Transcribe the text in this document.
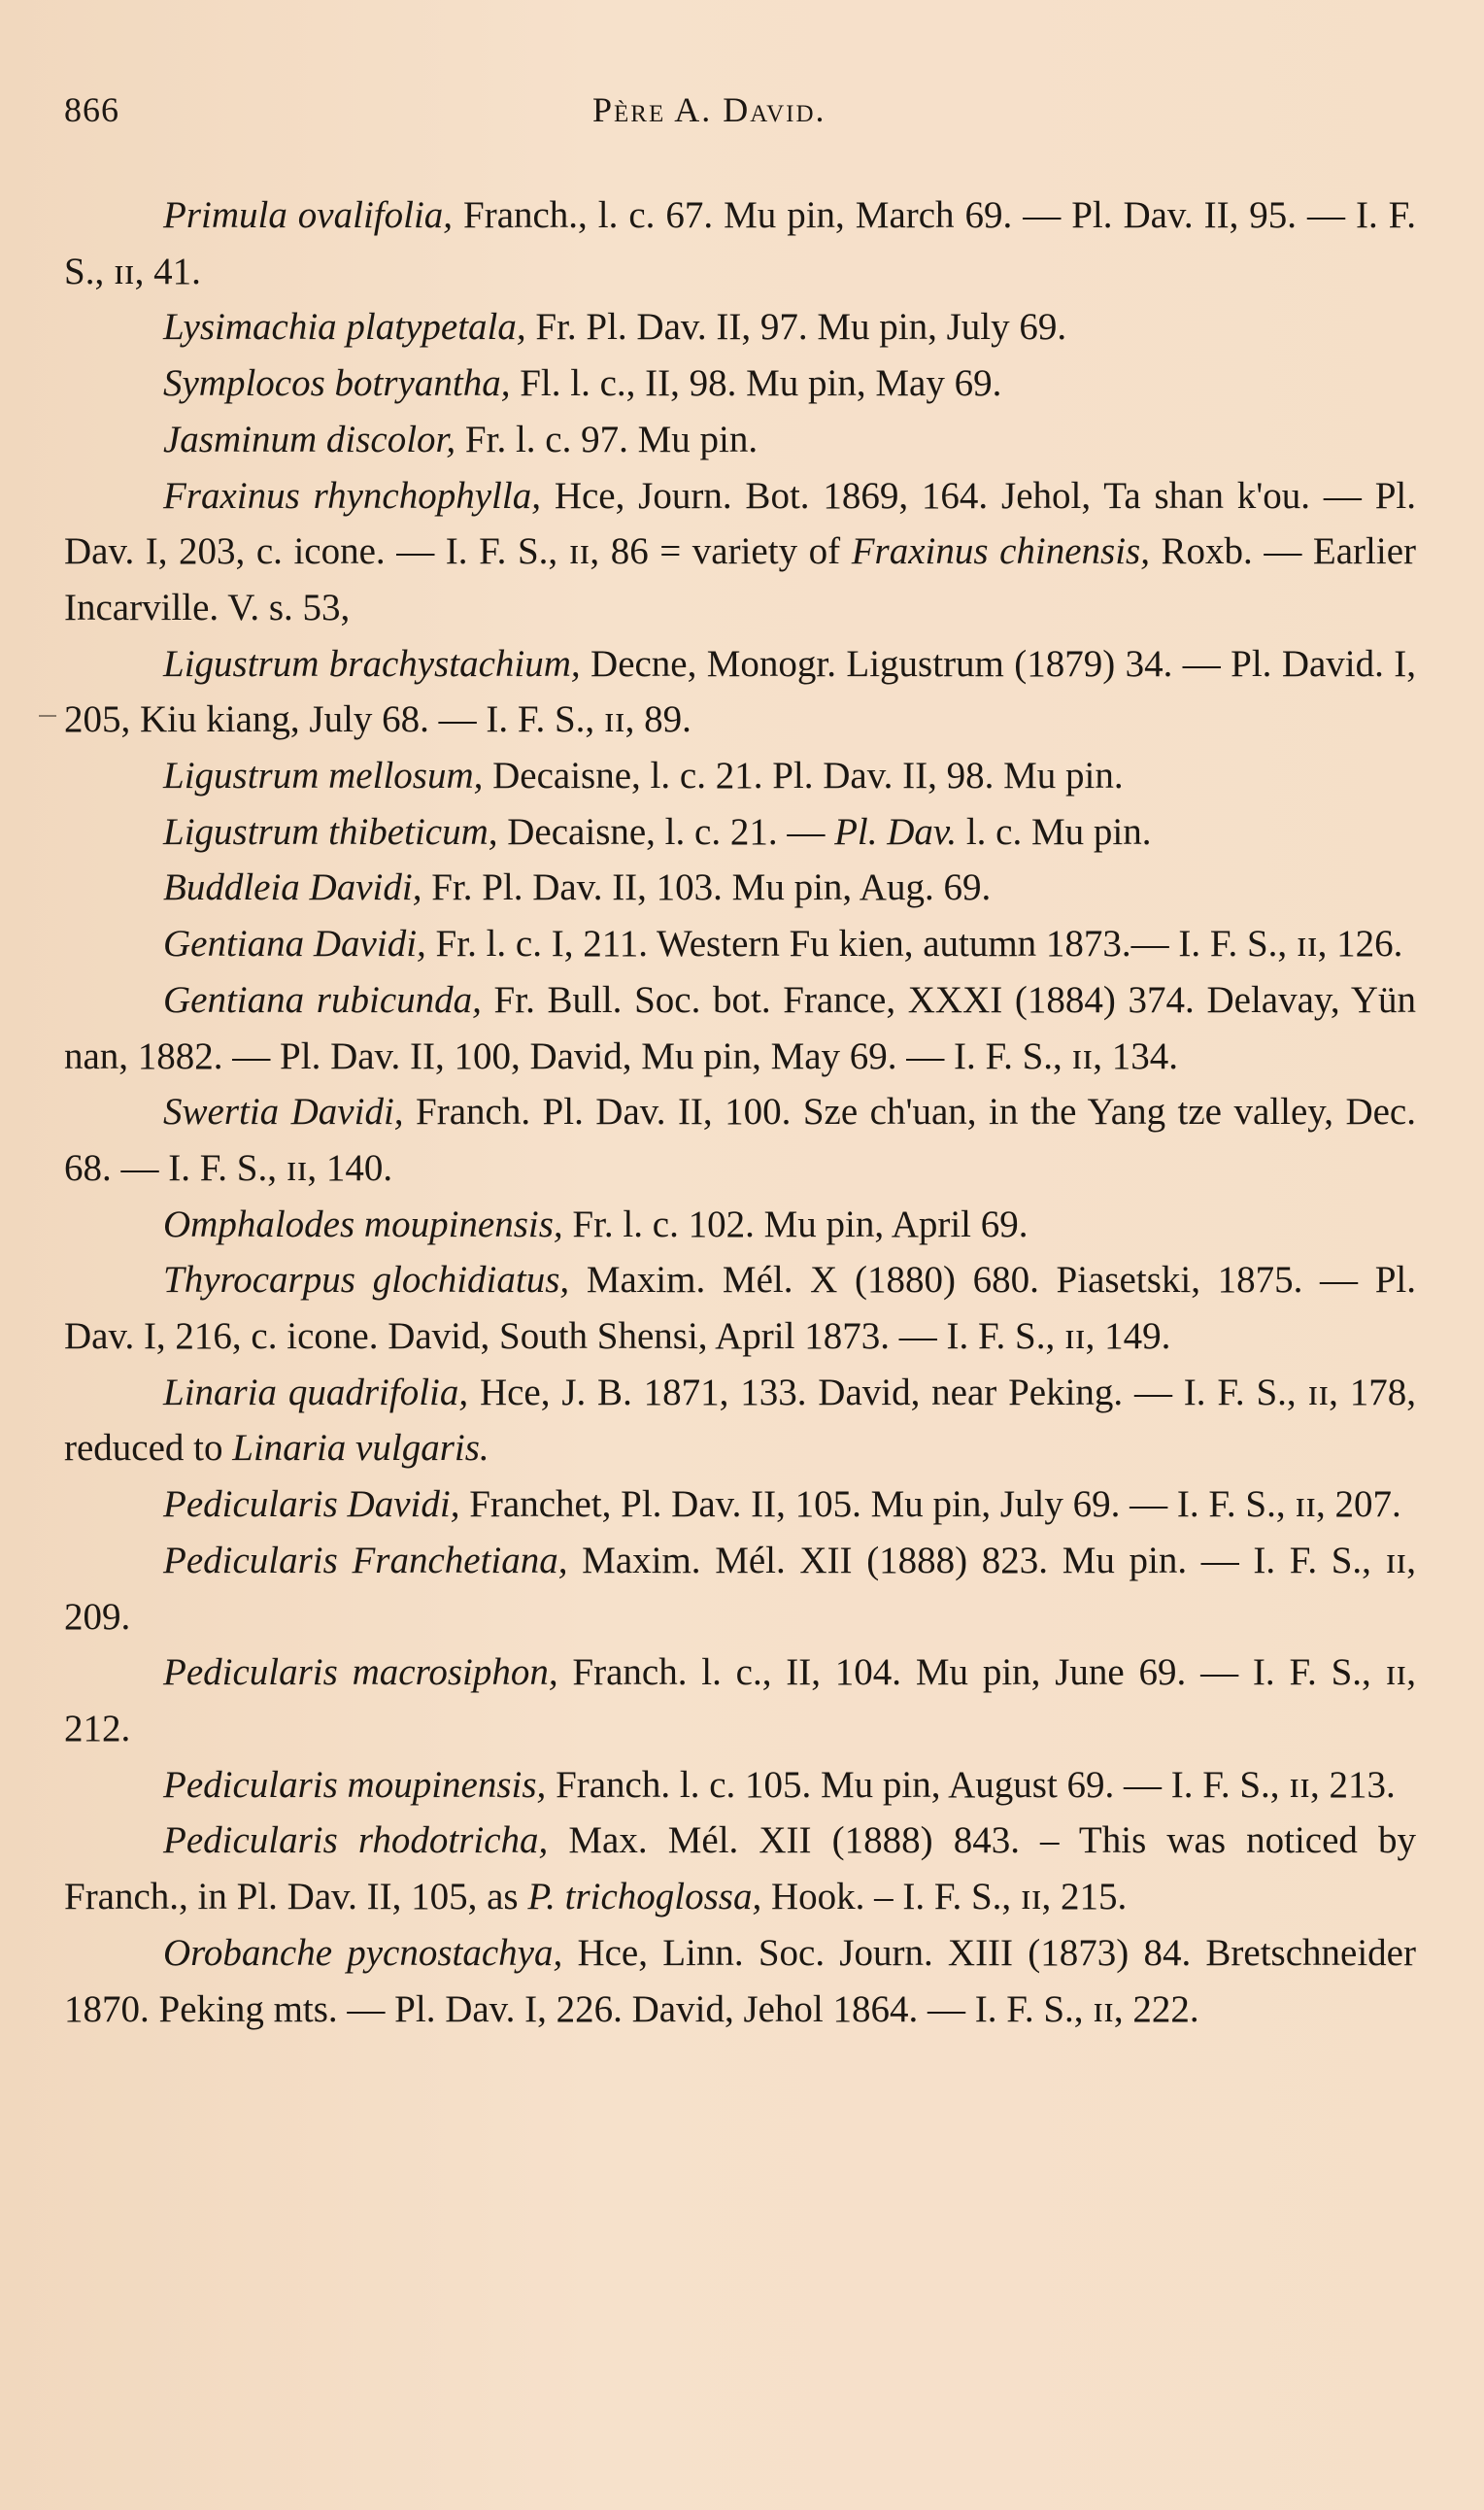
866	Père A. David.

Primula ovalifolia, Franch., l. c. 67. Mu pin, March 69. — Pl. Dav. II, 95. — I. F. S., ɪɪ, 41.

Lysimachia platypetala, Fr. Pl. Dav. II, 97. Mu pin, July 69.

Symplocos botryantha, Fl. l. c., II, 98. Mu pin, May 69.

Jasminum discolor, Fr. l. c. 97. Mu pin.

Fraxinus rhynchophylla, Hce, Journ. Bot. 1869, 164. Jehol, Ta shan k'ou. — Pl. Dav. I, 203, c. icone. — I. F. S., ɪɪ, 86 = variety of Fraxinus chinensis, Roxb. — Earlier Incarville. V. s. 53,

Ligustrum brachystachium, Decne, Monogr. Ligustrum (1879) 34. — Pl. David. I, 205, Kiu kiang, July 68. — I. F. S., ɪɪ, 89.

Ligustrum mellosum, Decaisne, l. c. 21. Pl. Dav. II, 98. Mu pin.

Ligustrum thibeticum, Decaisne, l. c. 21. — Pl. Dav. l. c. Mu pin.

Buddleia Davidi, Fr. Pl. Dav. II, 103. Mu pin, Aug. 69.

Gentiana Davidi, Fr. l. c. I, 211. Western Fu kien, autumn 1873.— I. F. S., ɪɪ, 126.

Gentiana rubicunda, Fr. Bull. Soc. bot. France, XXXI (1884) 374. Delavay, Yün nan, 1882. — Pl. Dav. II, 100, David, Mu pin, May 69. — I. F. S., ɪɪ, 134.

Swertia Davidi, Franch. Pl. Dav. II, 100. Sze ch'uan, in the Yang tze valley, Dec. 68. — I. F. S., ɪɪ, 140.

Omphalodes moupinensis, Fr. l. c. 102. Mu pin, April 69.

Thyrocarpus glochidiatus, Maxim. Mél. X (1880) 680. Piasetski, 1875. — Pl. Dav. I, 216, c. icone. David, South Shensi, April 1873. — I. F. S., ɪɪ, 149.

Linaria quadrifolia, Hce, J. B. 1871, 133. David, near Peking. — I. F. S., ɪɪ, 178, reduced to Linaria vulgaris.

Pedicularis Davidi, Franchet, Pl. Dav. II, 105. Mu pin, July 69. — I. F. S., ɪɪ, 207.

Pedicularis Franchetiana, Maxim. Mél. XII (1888) 823. Mu pin. — I. F. S., ɪɪ, 209.

Pedicularis macrosiphon, Franch. l. c., II, 104. Mu pin, June 69. — I. F. S., ɪɪ, 212.

Pedicularis moupinensis, Franch. l. c. 105. Mu pin, August 69. — I. F. S., ɪɪ, 213.

Pedicularis rhodotricha, Max. Mél. XII (1888) 843. – This was noticed by Franch., in Pl. Dav. II, 105, as P. trichoglossa, Hook. – I. F. S., ɪɪ, 215.

Orobanche pycnostachya, Hce, Linn. Soc. Journ. XIII (1873) 84. Bretschneider 1870. Peking mts. — Pl. Dav. I, 226. David, Jehol 1864. — I. F. S., ɪɪ, 222.
